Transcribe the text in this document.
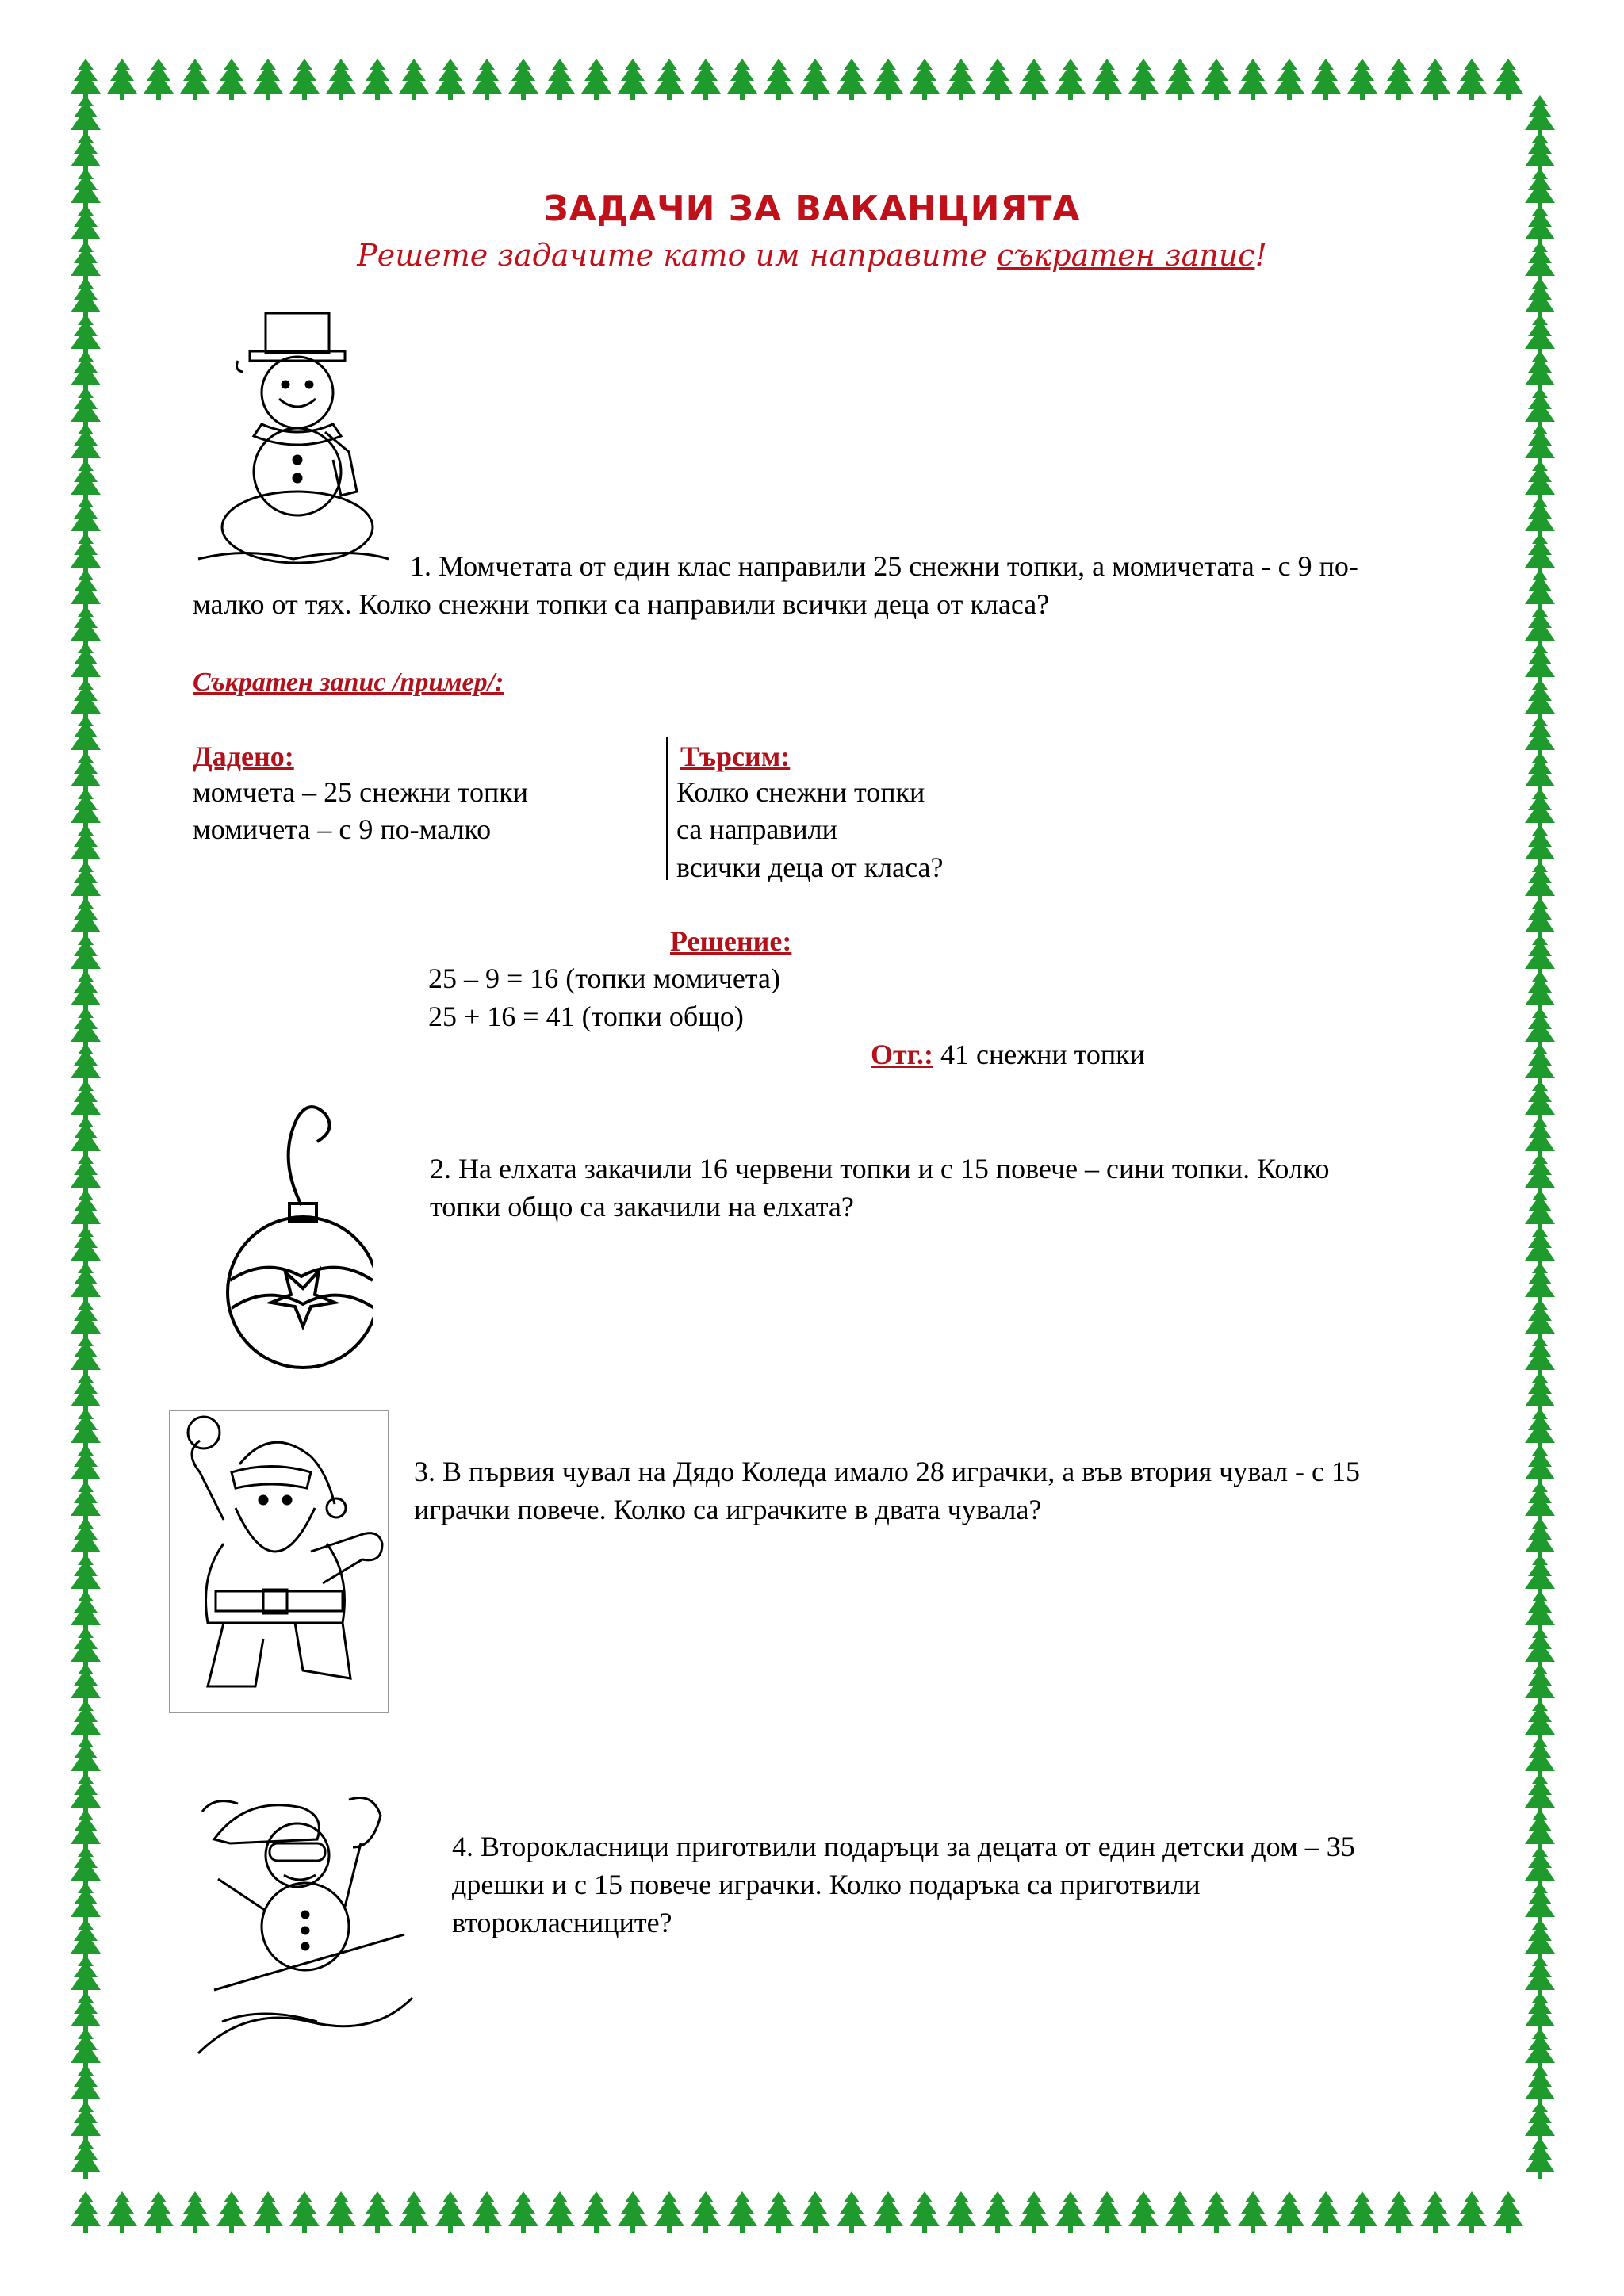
ЗАДАЧИ ЗА ВАКАНЦИЯТА
Решете задачите като им направите съкратен запис!
1. Момчетата от един клас направили 25 снежни топки, а момичетата - с 9 по-
малко от тях. Колко снежни топки са направили всички деца от класа?
Съкратен запис /пример/:
Дадено:
момчета – 25 снежни топки
момичета – с 9 по-малко
Търсим:
Колко снежни топки
са направили
всички деца от класа?
Решение:
25 – 9 = 16 (топки момичета)
25 + 16 = 41 (топки общо)
Отг.: 41 снежни топки
2. На елхата закачили 16 червени топки и с 15 повече – сини топки. Колко
топки общо са закачили на елхата?
3. В първия чувал на Дядо Коледа имало 28 играчки, а във втория чувал - с 15
играчки повече. Колко са играчките в двата чувала?
4. Второкласници приготвили подаръци за децата от един детски дом – 35
дрешки и с 15 повече играчки. Колко подаръка са приготвили
второкласниците?
